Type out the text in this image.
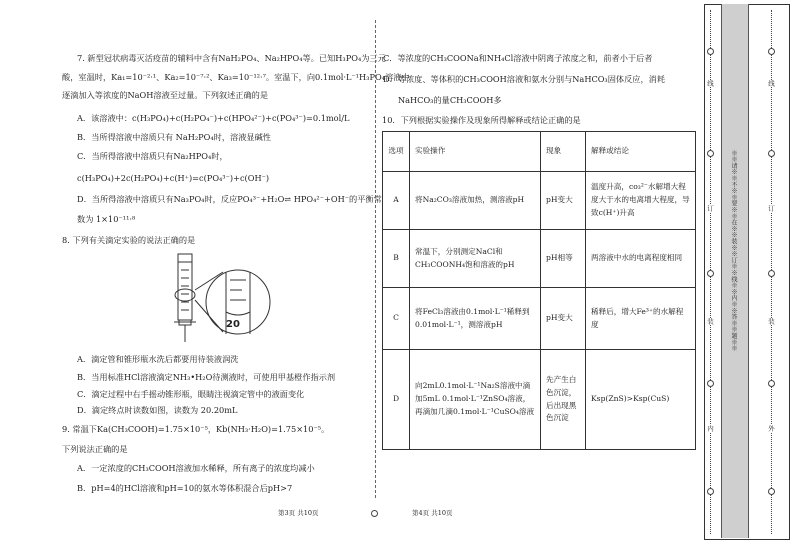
7. 新型冠状病毒灭活疫苗的辅料中含有NaH₂PO₄、Na₂HPO₄等。已知H₃PO₄为三元
酸，室温时，Ka₁=10⁻²·¹、Ka₂=10⁻⁷·²、Ka₃=10⁻¹²·⁷。室温下，向0.1mol·L⁻¹H₃PO₄溶液中
逐滴加入等浓度的NaOH溶液至过量。下列叙述正确的是
A．该溶液中：c(H₃PO₄)+c(H₂PO₄⁻)+c(HPO₄²⁻)+c(PO₄³⁻)=0.1mol/L
B．当所得溶液中溶质只有 NaH₂PO₄时，溶液显碱性
C．当所得溶液中溶质只有Na₂HPO₄时，
c(H₃PO₄)+2c(H₂PO₄)+c(H⁺)=c(PO₄³⁻)+c(OH⁻)
D．当所得溶液中溶质只有Na₃PO₄时，反应PO₄³⁻+H₂O⇌ HPO₄²⁻+OH⁻的平衡常
数为 1×10⁻¹¹·⁸
8. 下列有关滴定实验的说法正确的是
20
A．滴定管和锥形瓶水洗后都要用待装液润洗
B．当用标准HCl溶液滴定NH₃•H₂O待测液时，可使用甲基橙作指示剂
C．滴定过程中右手摇动锥形瓶，眼睛注视滴定管中的液面变化
D．滴定终点时读数如图，读数为 20.20mL
9. 常温下Ka(CH₃COOH)=1.75×10⁻⁵，Kb(NH₃·H₂O)=1.75×10⁻⁵。
下列说法正确的是
A．一定浓度的CH₃COOH溶液加水稀释，所有离子的浓度均减小
B．pH=4的HCl溶液和pH=10的氨水等体积混合后pH>7
C．等浓度的CH₃COONa和NH₄Cl溶液中阴离子浓度之和，前者小于后者
D．等浓度、等体积的CH₃COOH溶液和氨水分别与NaHCO₃固体反应，消耗
NaHCO₃的量CH₃COOH多
10．下列根据实验操作及现象所得解释或结论正确的是
选项	实验操作	现象	解释或结论
A	将Na₂CO₃溶液加热，测溶液pH	pH变大	温度升高，co₃²⁻水解增大程度大于水的电离增大程度，导致c(H⁺)升高
B	常温下，分别测定NaCl和CH₃COONH₄饱和溶液的pH	pH相等	两溶液中水的电离程度相同
C	将FeCl₃溶液由0.1mol·L⁻¹稀释到0.01mol·L⁻¹，测溶液pH	pH变大	稀释后，增大Fe³⁺的水解程度
D	向2mL0.1mol·L⁻¹Na₂S溶液中滴加5mL 0.1mol·L⁻¹ZnSO₄溶液，再滴加几滴0.1mol·L⁻¹CuSO₄溶液	先产生白色沉淀，后出现黑色沉淀	Ksp(ZnS)>Ksp(CuS)
第3页 共10页	第4页 共10页
线
订
装
内
※※请※※不※※要※※在※※装※※订※※线※※内※※答※※题※※
线
订
装
外
